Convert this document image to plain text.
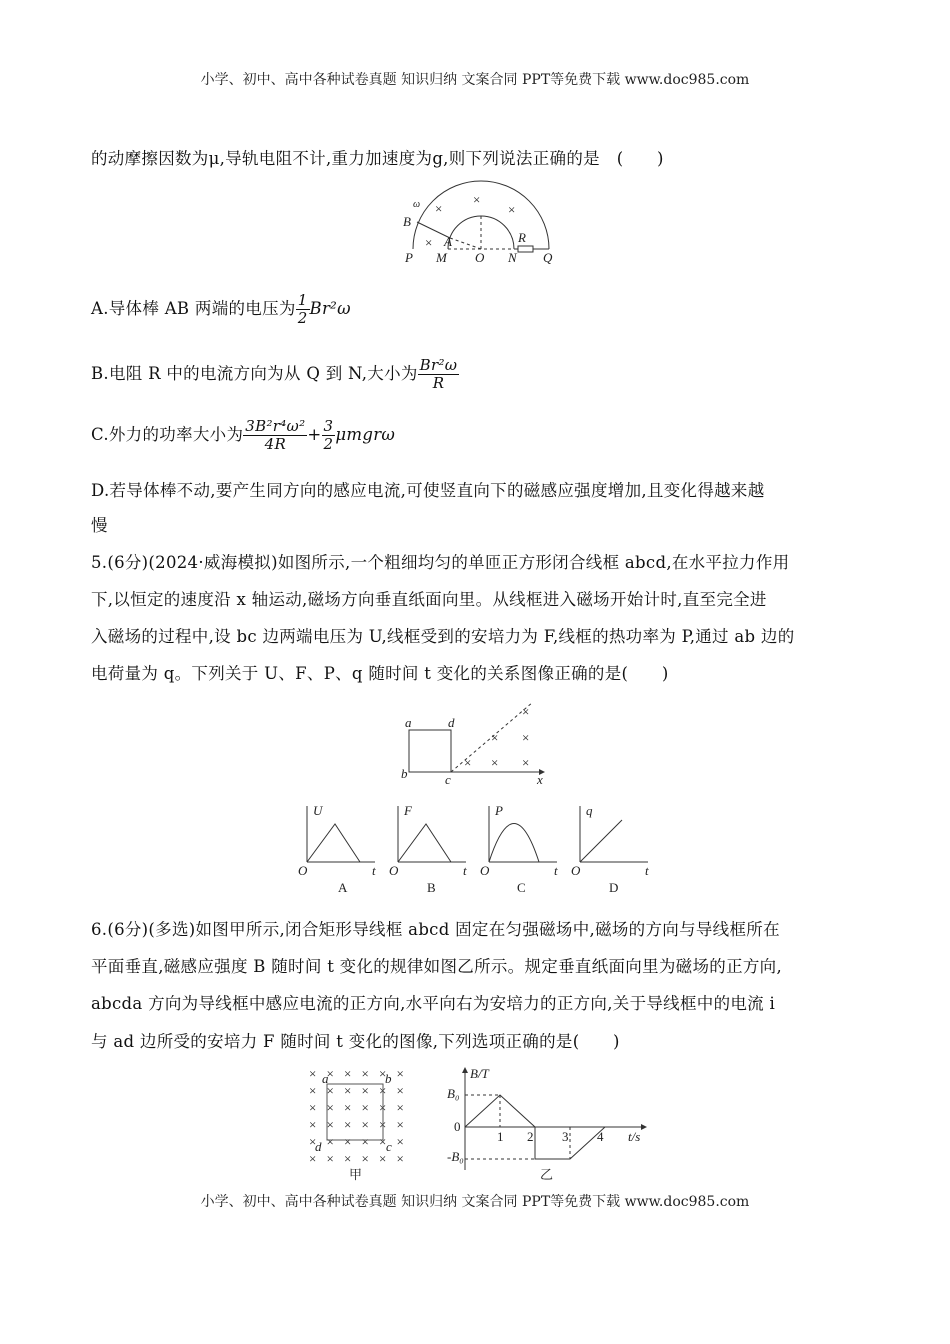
小学、初中、高中各种试卷真题 知识归纳 文案合同 PPT等免费下载 www.doc985.com
的动摩擦因数为μ,导轨电阻不计,重力加速度为g,则下列说法正确的是　(　　)
×
×
×
×
ω
B
A	R
P M O N Q
A.导体棒 AB 两端的电压为 $\frac{1}{2} Br^2\omega$
B.电阻 R 中的电流方向为从 Q 到 N,大小为 $\frac{\text{Br²ω}}{R}$
C.外力的功率大小为 $\frac{\text{3B²r⁴ω²}}{4R} + \frac{3}{2}$ μmgrω
D.若导体棒不动,要产生同方向的感应电流,可使竖直向下的磁感应强度增加,且变化得越来越
慢
5.(6分)(2024·威海模拟)如图所示,一个粗细均匀的单匝正方形闭合线框 abcd,在水平拉力作用
下,以恒定的速度沿 x 轴运动,磁场方向垂直纸面向里。从线框进入磁场开始计时,直至完全进
入磁场的过程中,设 bc 边两端电压为 U,线框受到的安培力为 F,线框的热功率为 P,通过 ab 边的
电荷量为 q。下列关于 U、F、P、q 随时间 t 变化的关系图像正确的是(　　)
× × ×
× ×
×
a	d
b	c	x
U
O	t
A
F
O	t
B
P
O	t
C
q
O	t
D
6.(6分)(多选)如图甲所示,闭合矩形导线框 abcd 固定在匀强磁场中,磁场的方向与导线框所在
平面垂直,磁感应强度 B 随时间 t 变化的规律如图乙所示。规定垂直纸面向里为磁场的正方向,
abcda 方向为导线框中感应电流的正方向,水平向右为安培力的正方向,关于导线框中的电流 i
与 ad 边所受的安培力 F 随时间 t 变化的图像,下列选项正确的是(　　)
× × × × × ×
× × × × × ×
× × × × × ×
× × × × × ×
× × × × × ×
× × × × × ×
a	b
d	c
甲
B/T
B₀
-B₀
0
1 2 3 4 t/s
乙
小学、初中、高中各种试卷真题 知识归纳 文案合同 PPT等免费下载 www.doc985.com
